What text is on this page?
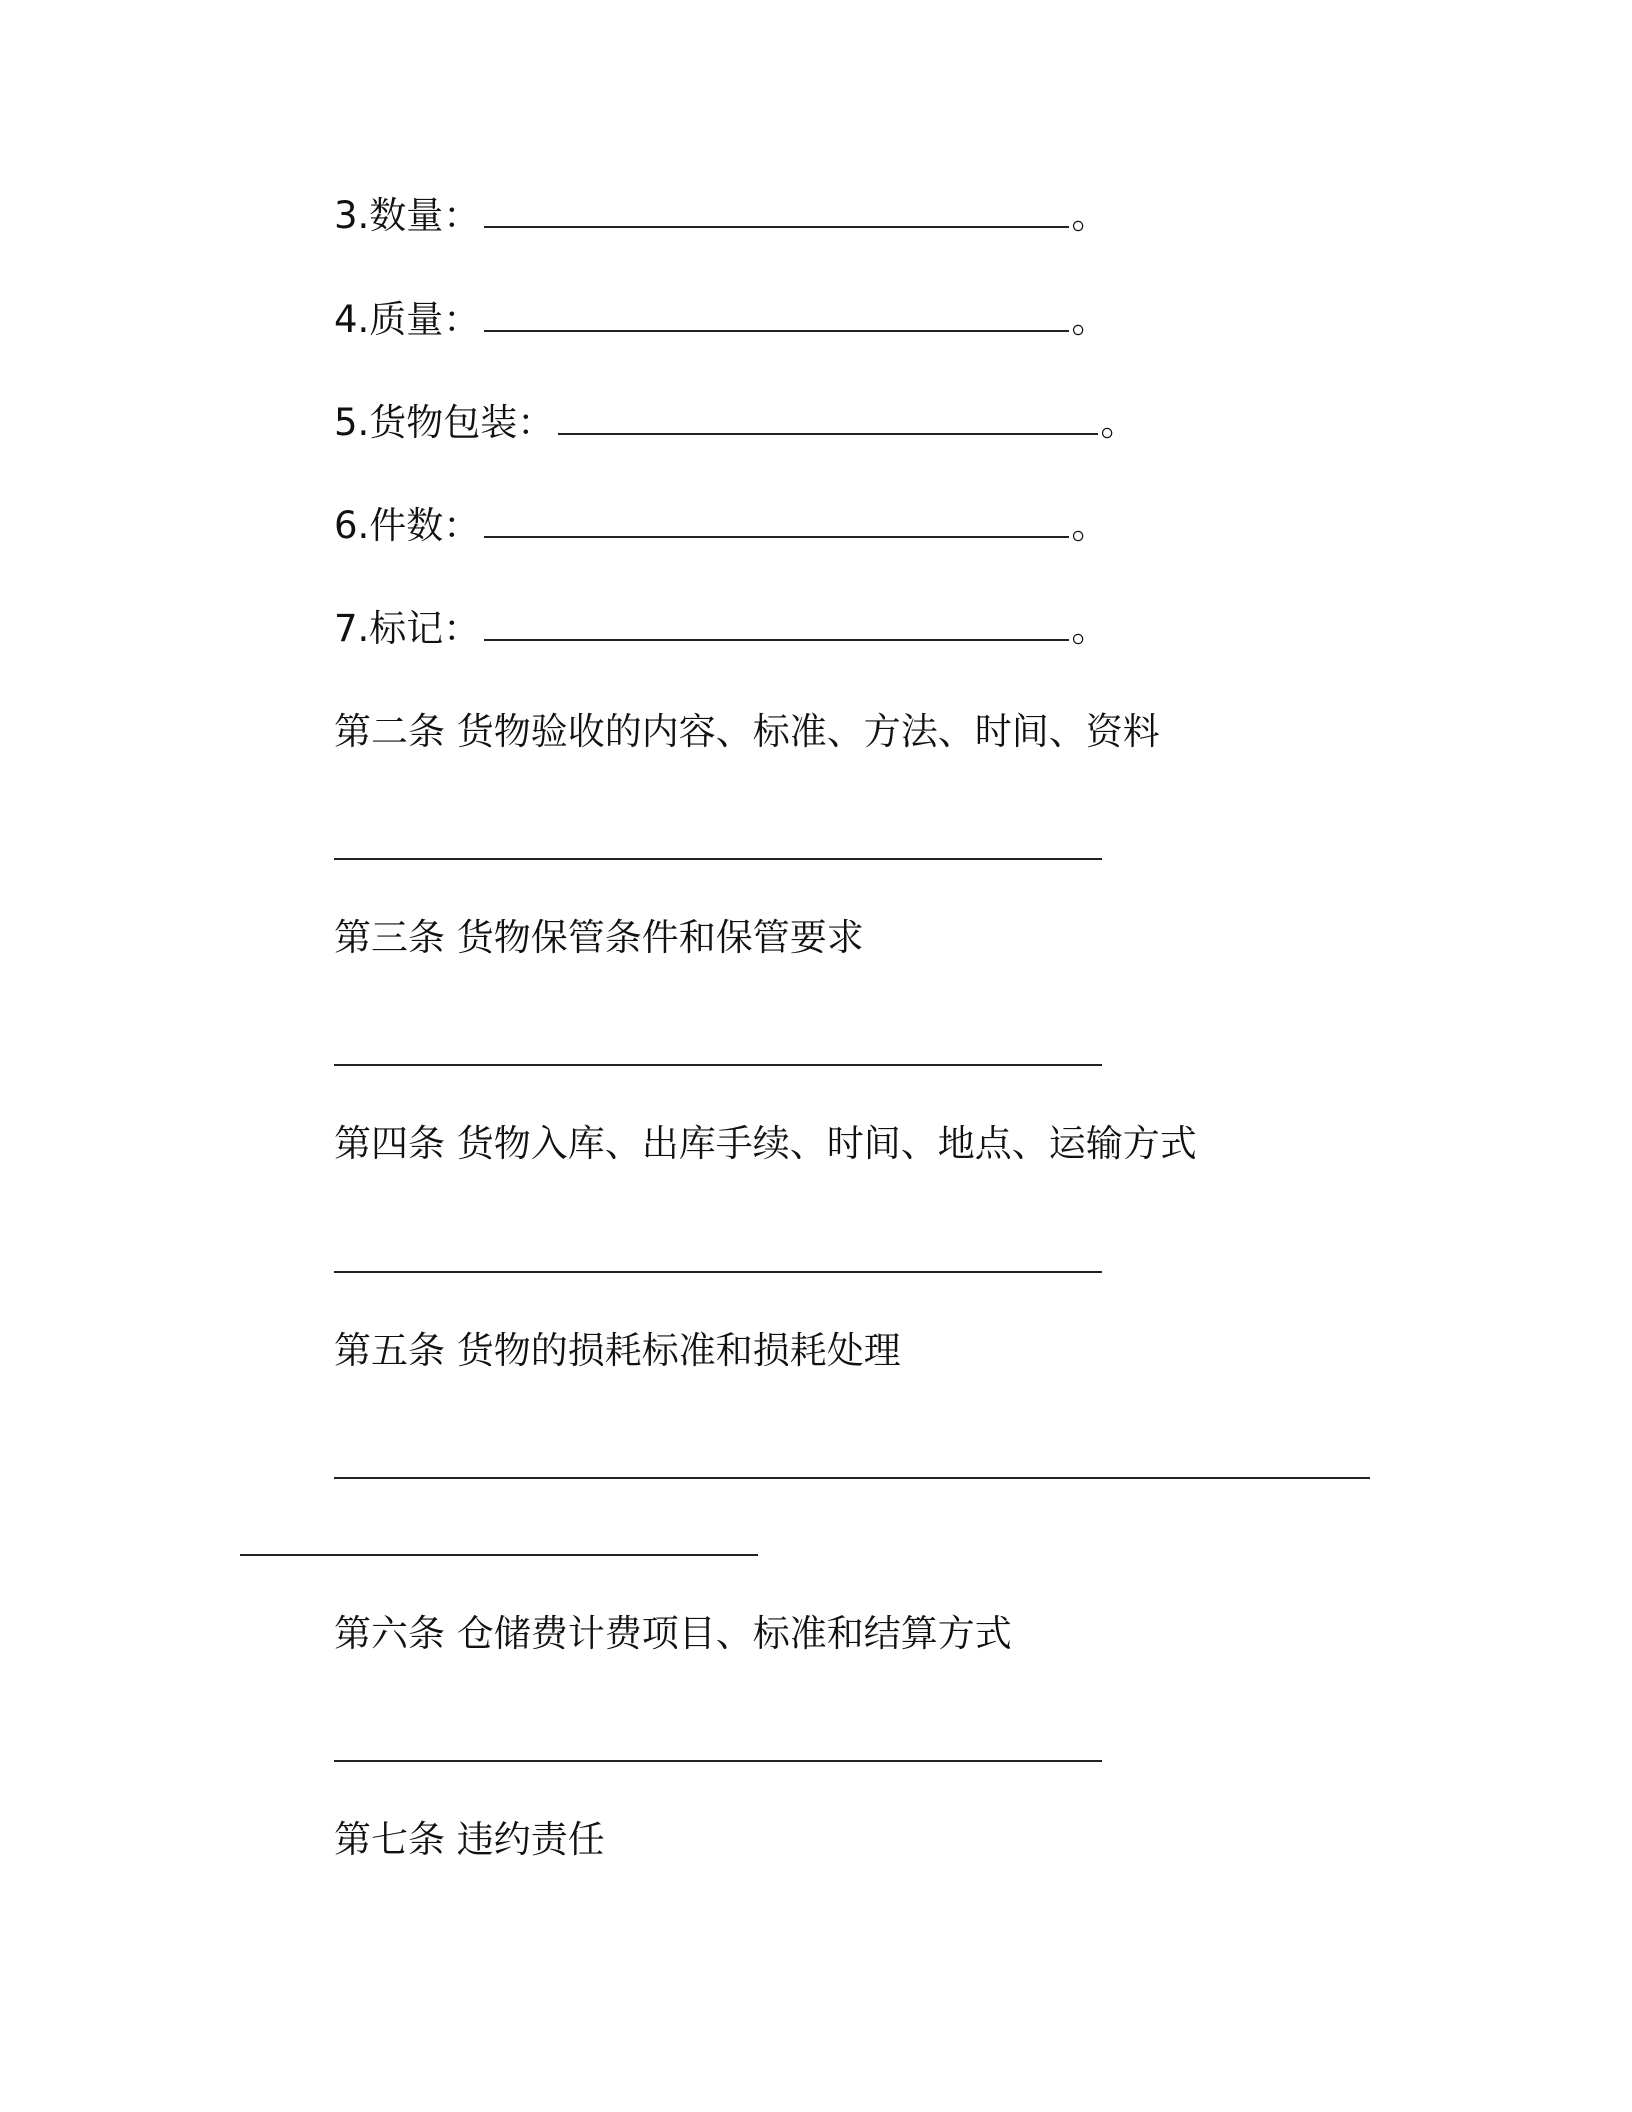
3.数量：	。

4.质量：	。

5.货物包装：	。

6.件数：	。

7.标记：	。

第二条 货物验收的内容、标准、方法、时间、资料

第三条 货物保管条件和保管要求

第四条 货物入库、出库手续、时间、地点、运输方式

第五条 货物的损耗标准和损耗处理

第六条 仓储费计费项目、标准和结算方式

第七条 违约责任
